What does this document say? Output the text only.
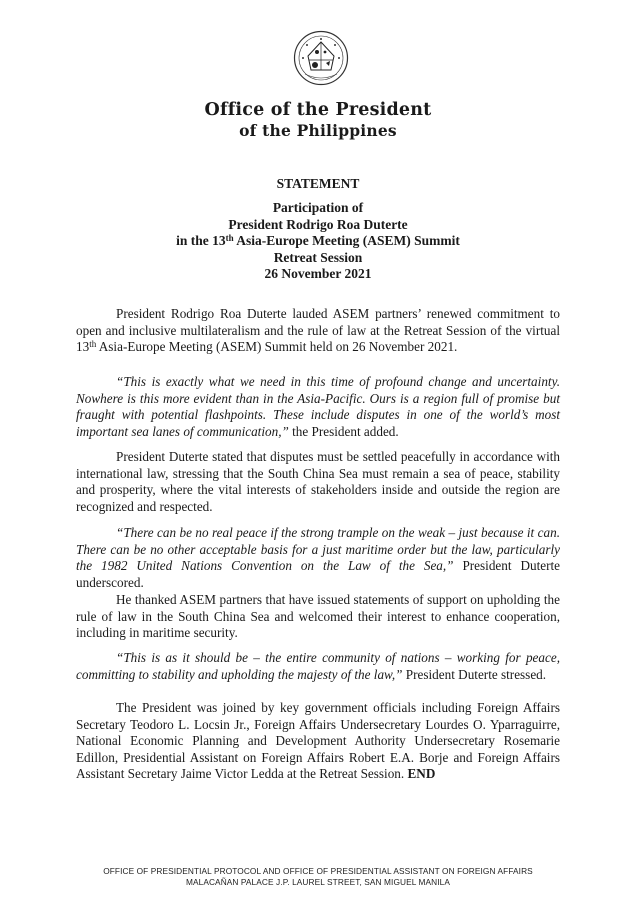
Office of the President
of the Philippines
STATEMENT
Participation of
President Rodrigo Roa Duterte
in the 13th Asia-Europe Meeting (ASEM) Summit
Retreat Session
26 November 2021
President Rodrigo Roa Duterte lauded ASEM partners’ renewed commitment to open and inclusive multilateralism and the rule of law at the Retreat Session of the virtual 13th Asia-Europe Meeting (ASEM) Summit held on 26 November 2021.
“This is exactly what we need in this time of profound change and uncertainty. Nowhere is this more evident than in the Asia-Pacific. Ours is a region full of promise but fraught with potential flashpoints. These include disputes in one of the world’s most important sea lanes of communication,” the President added.
President Duterte stated that disputes must be settled peacefully in accordance with international law, stressing that the South China Sea must remain a sea of peace, stability and prosperity, where the vital interests of stakeholders inside and outside the region are recognized and respected.
“There can be no real peace if the strong trample on the weak – just because it can. There can be no other acceptable basis for a just maritime order but the law, particularly the 1982 United Nations Convention on the Law of the Sea,” President Duterte underscored.
He thanked ASEM partners that have issued statements of support on upholding the rule of law in the South China Sea and welcomed their interest to enhance cooperation, including in maritime security.
“This is as it should be – the entire community of nations – working for peace, committing to stability and upholding the majesty of the law,” President Duterte stressed.
The President was joined by key government officials including Foreign Affairs Secretary Teodoro L. Locsin Jr., Foreign Affairs Undersecretary Lourdes O. Yparraguirre, National Economic Planning and Development Authority Undersecretary Rosemarie Edillon, Presidential Assistant on Foreign Affairs Robert E.A. Borje and Foreign Affairs Assistant Secretary Jaime Victor Ledda at the Retreat Session. END
OFFICE OF PRESIDENTIAL PROTOCOL AND OFFICE OF PRESIDENTIAL ASSISTANT ON FOREIGN AFFAIRS
MALACAÑAN PALACE J.P. LAUREL STREET, SAN MIGUEL MANILA
